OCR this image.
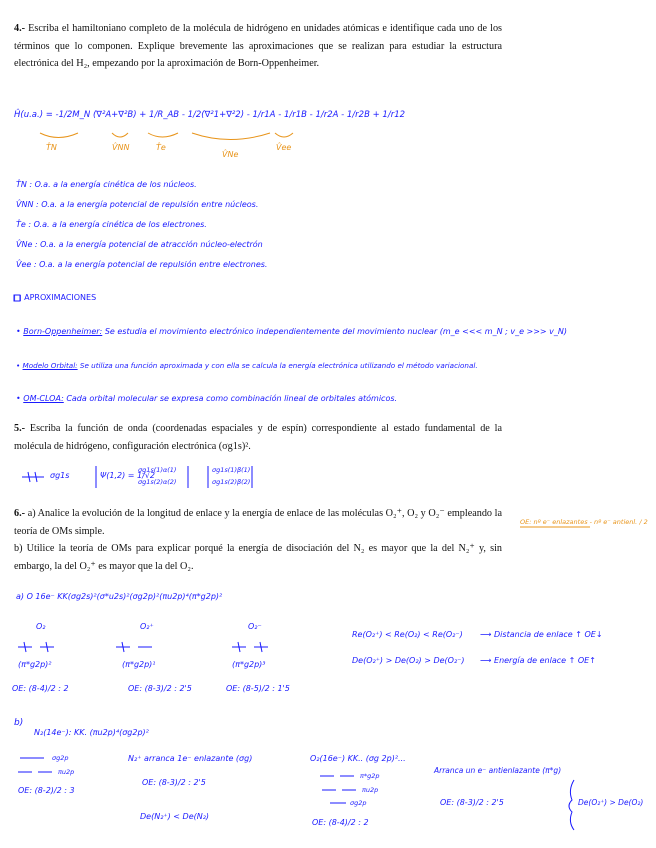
4.- Escriba el hamiltoniano completo de la molécula de hidrógeno en unidades atómicas e identifique cada uno de los términos que lo componen. Explique brevemente las aproximaciones que se realizan para estudiar la estructura electrónica del H₂, empezando por la aproximación de Born-Oppenheimer.
5.- Escriba la función de onda (coordenadas espaciales y de espín) correspondiente al estado fundamental de la molécula de hidrógeno, configuración electrónica (σg1s)².
6.- a) Analice la evolución de la longitud de enlace y la energía de enlace de las moléculas O₂⁺, O₂ y O₂⁻ empleando la teoría de OMs simple.
b) Utilice la teoría de OMs para explicar porqué la energía de disociación del N₂ es mayor que la del N₂⁺ y, sin embargo, la del O₂⁺ es mayor que la del O₂.
Ĥ(u.a.) = -1/2M_N (∇²A+∇²B) + 1/R_AB - 1/2(∇²1+∇²2) - 1/r1A - 1/r1B - 1/r2A - 1/r2B + 1/r12
T̂N	V̂NN	T̂e
V̂Ne
V̂ee
T̂N : O.a. a la energía cinética de los núcleos.
V̂NN : O.a. a la energía potencial de repulsión entre núcleos.
T̂e : O.a. a la energía cinética de los electrones.
V̂Ne : O.a. a la energía potencial de atracción núcleo-electrón
V̂ee : O.a. a la energía potencial de repulsión entre electrones.
□ APROXIMACIONES
• Born-Oppenheimer: Se estudia el movimiento electrónico independientemente del movimiento nuclear (m_e <<< m_N ; v_e >>> v_N)
• Modelo Orbital: Se utiliza una función aproximada y con ella se calcula la energía electrónica utilizando el método variacional.
• OM-CLOA: Cada orbital molecular se expresa como combinación lineal de orbitales atómicos.
σg1s	Ψ(1,2) = 1/√2
σg1s(1)α(1)
σg1s(2)α(2)
σg1s(1)β(1)
σg1s(2)β(2)
OE: nº e⁻ enlazantes - nº e⁻ antienl. / 2
a) O 16e⁻ KK(σg2s)²(σ*u2s)²(σg2p)²(πu2p)⁴(π*g2p)²
O₂
(π*g2p)²
OE: (8-4)/2 : 2
O₂⁺
(π*g2p)¹
OE: (8-3)/2 : 2'5
O₂⁻
(π*g2p)³
OE: (8-5)/2 : 1'5
Re(O₂⁺) < Re(O₂) < Re(O₂⁻) ⟶ Distancia de enlace ↑ OE↓
De(O₂⁺) > De(O₂) > De(O₂⁻) ⟶ Energía de enlace ↑ OE↑
b)
N₂(14e⁻): KK. (πu2p)⁴(σg2p)²
σg2p
πu2p
OE: (8-2)/2 : 3
N₂⁺ arranca 1e⁻ enlazante (σg)
OE: (8-3)/2 : 2'5
De(N₂⁺) < De(N₂)
O₂(16e⁻) KK.. (σg 2p)²...
π*g2p
πu2p
σg2p
OE: (8-4)/2 : 2
Arranca un e⁻ antienlazante (π*g)
OE: (8-3)/2 : 2'5	De(O₂⁺) > De(O₂)
